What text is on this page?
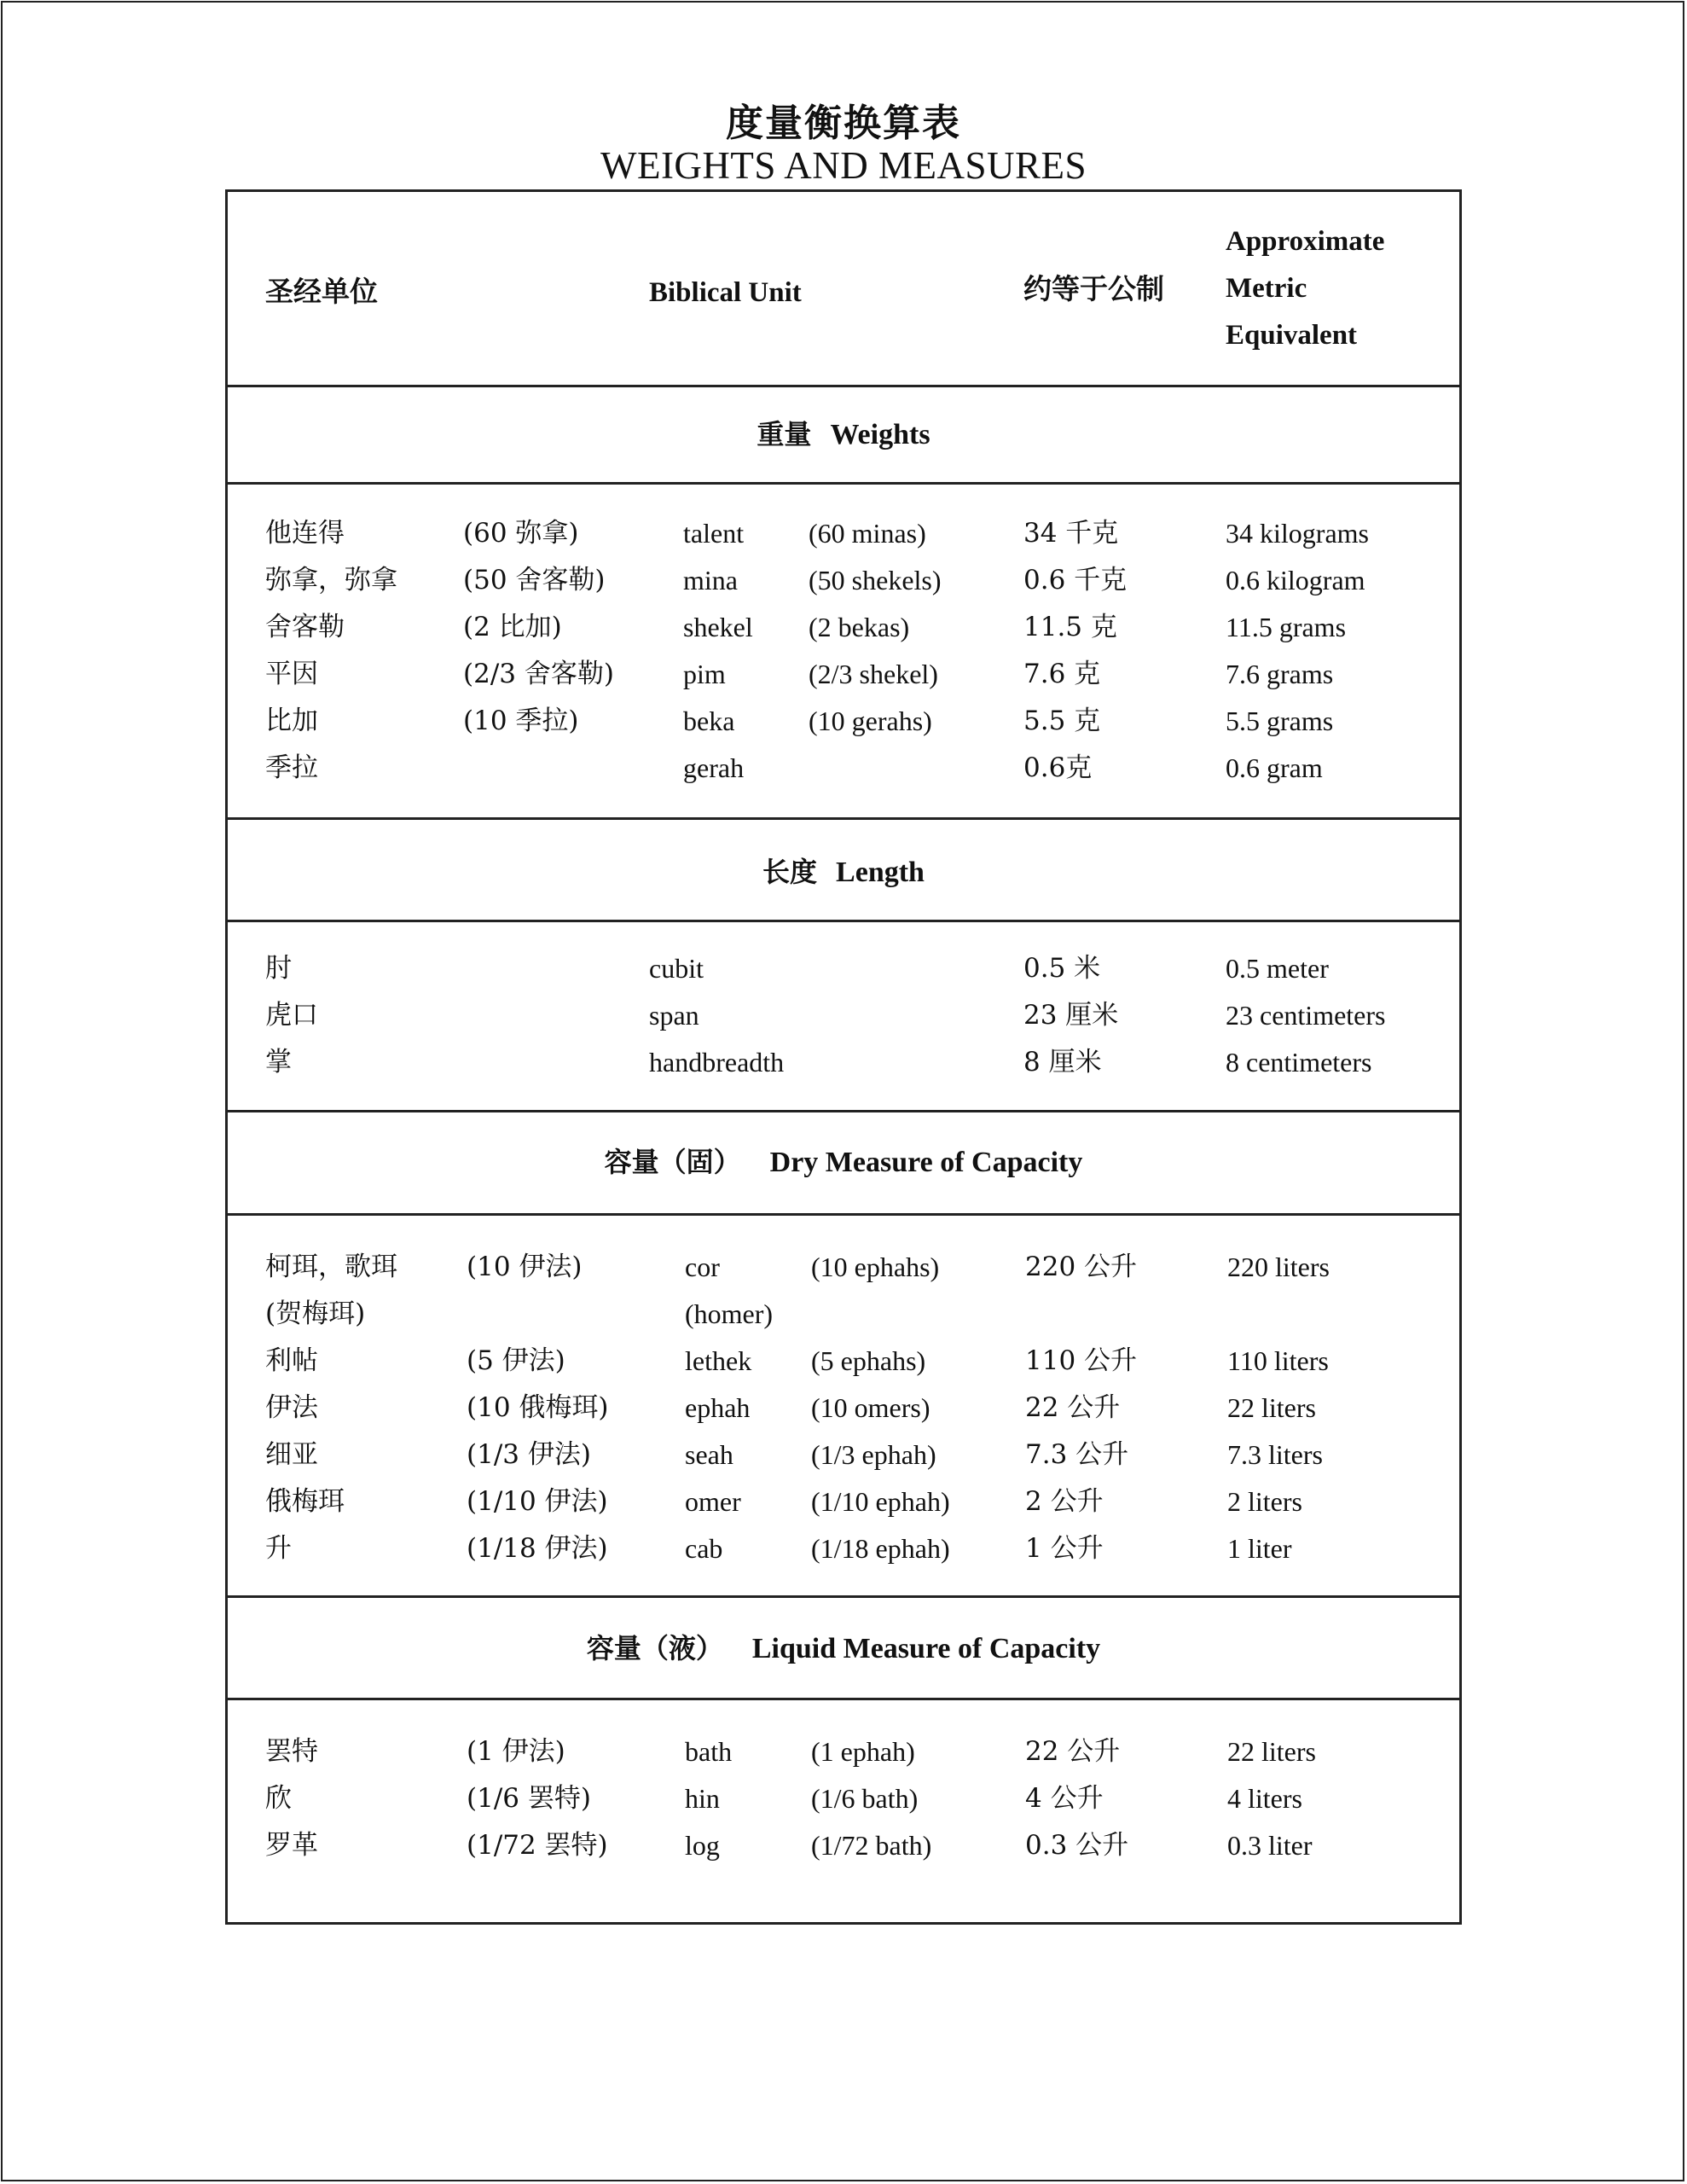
度量衡换算表
WEIGHTS AND MEASURES
圣经单位	Biblical Unit	约等于公制
Approximate
Metric
Equivalent
重量 Weights
他连得	(60 弥拿)	talent (60 minas)	34 千克	34 kilograms
弥拿，弥拿 (50 舍客勒)	mina	(50 shekels)	0.6 千克	0.6 kilogram
舍客勒	(2 比加)	shekel (2 bekas)	11.5 克	11.5 grams
平因	(2/3 舍客勒)	pim	(2/3 shekel)	7.6 克	7.6 grams
比加	(10 季拉)	beka	(10 gerahs)	5.5 克	5.5 grams
季拉	gerah	0.6克	0.6 gram
长度 Length
肘	cubit	0.5 米	0.5 meter
虎口	span	23 厘米	23 centimeters
掌	handbreadth	8 厘米	8 centimeters
容量（固） Dry Measure of Capacity
柯珥，歌珥	(10 伊法)	cor	(10 ephahs)	220 公升	220 liters
(贺梅珥)	(homer)
利帖	(5 伊法)	lethek (5 ephahs)	110 公升	110 liters
伊法	(10 俄梅珥)	ephah (10 omers)	22 公升	22 liters
细亚	(1/3 伊法)	seah	(1/3 ephah)	7.3 公升	7.3 liters
俄梅珥	(1/10 伊法)	omer	(1/10 ephah)	2 公升	2 liters
升	(1/18 伊法)	cab	(1/18 ephah)	1 公升	1 liter
容量（液） Liquid Measure of Capacity
罢特	(1 伊法)	bath	(1 ephah)	22 公升	22 liters
欣	(1/6 罢特)	hin	(1/6 bath)	4 公升	4 liters
罗革	(1/72 罢特)	log	(1/72 bath)	0.3 公升	0.3 liter
